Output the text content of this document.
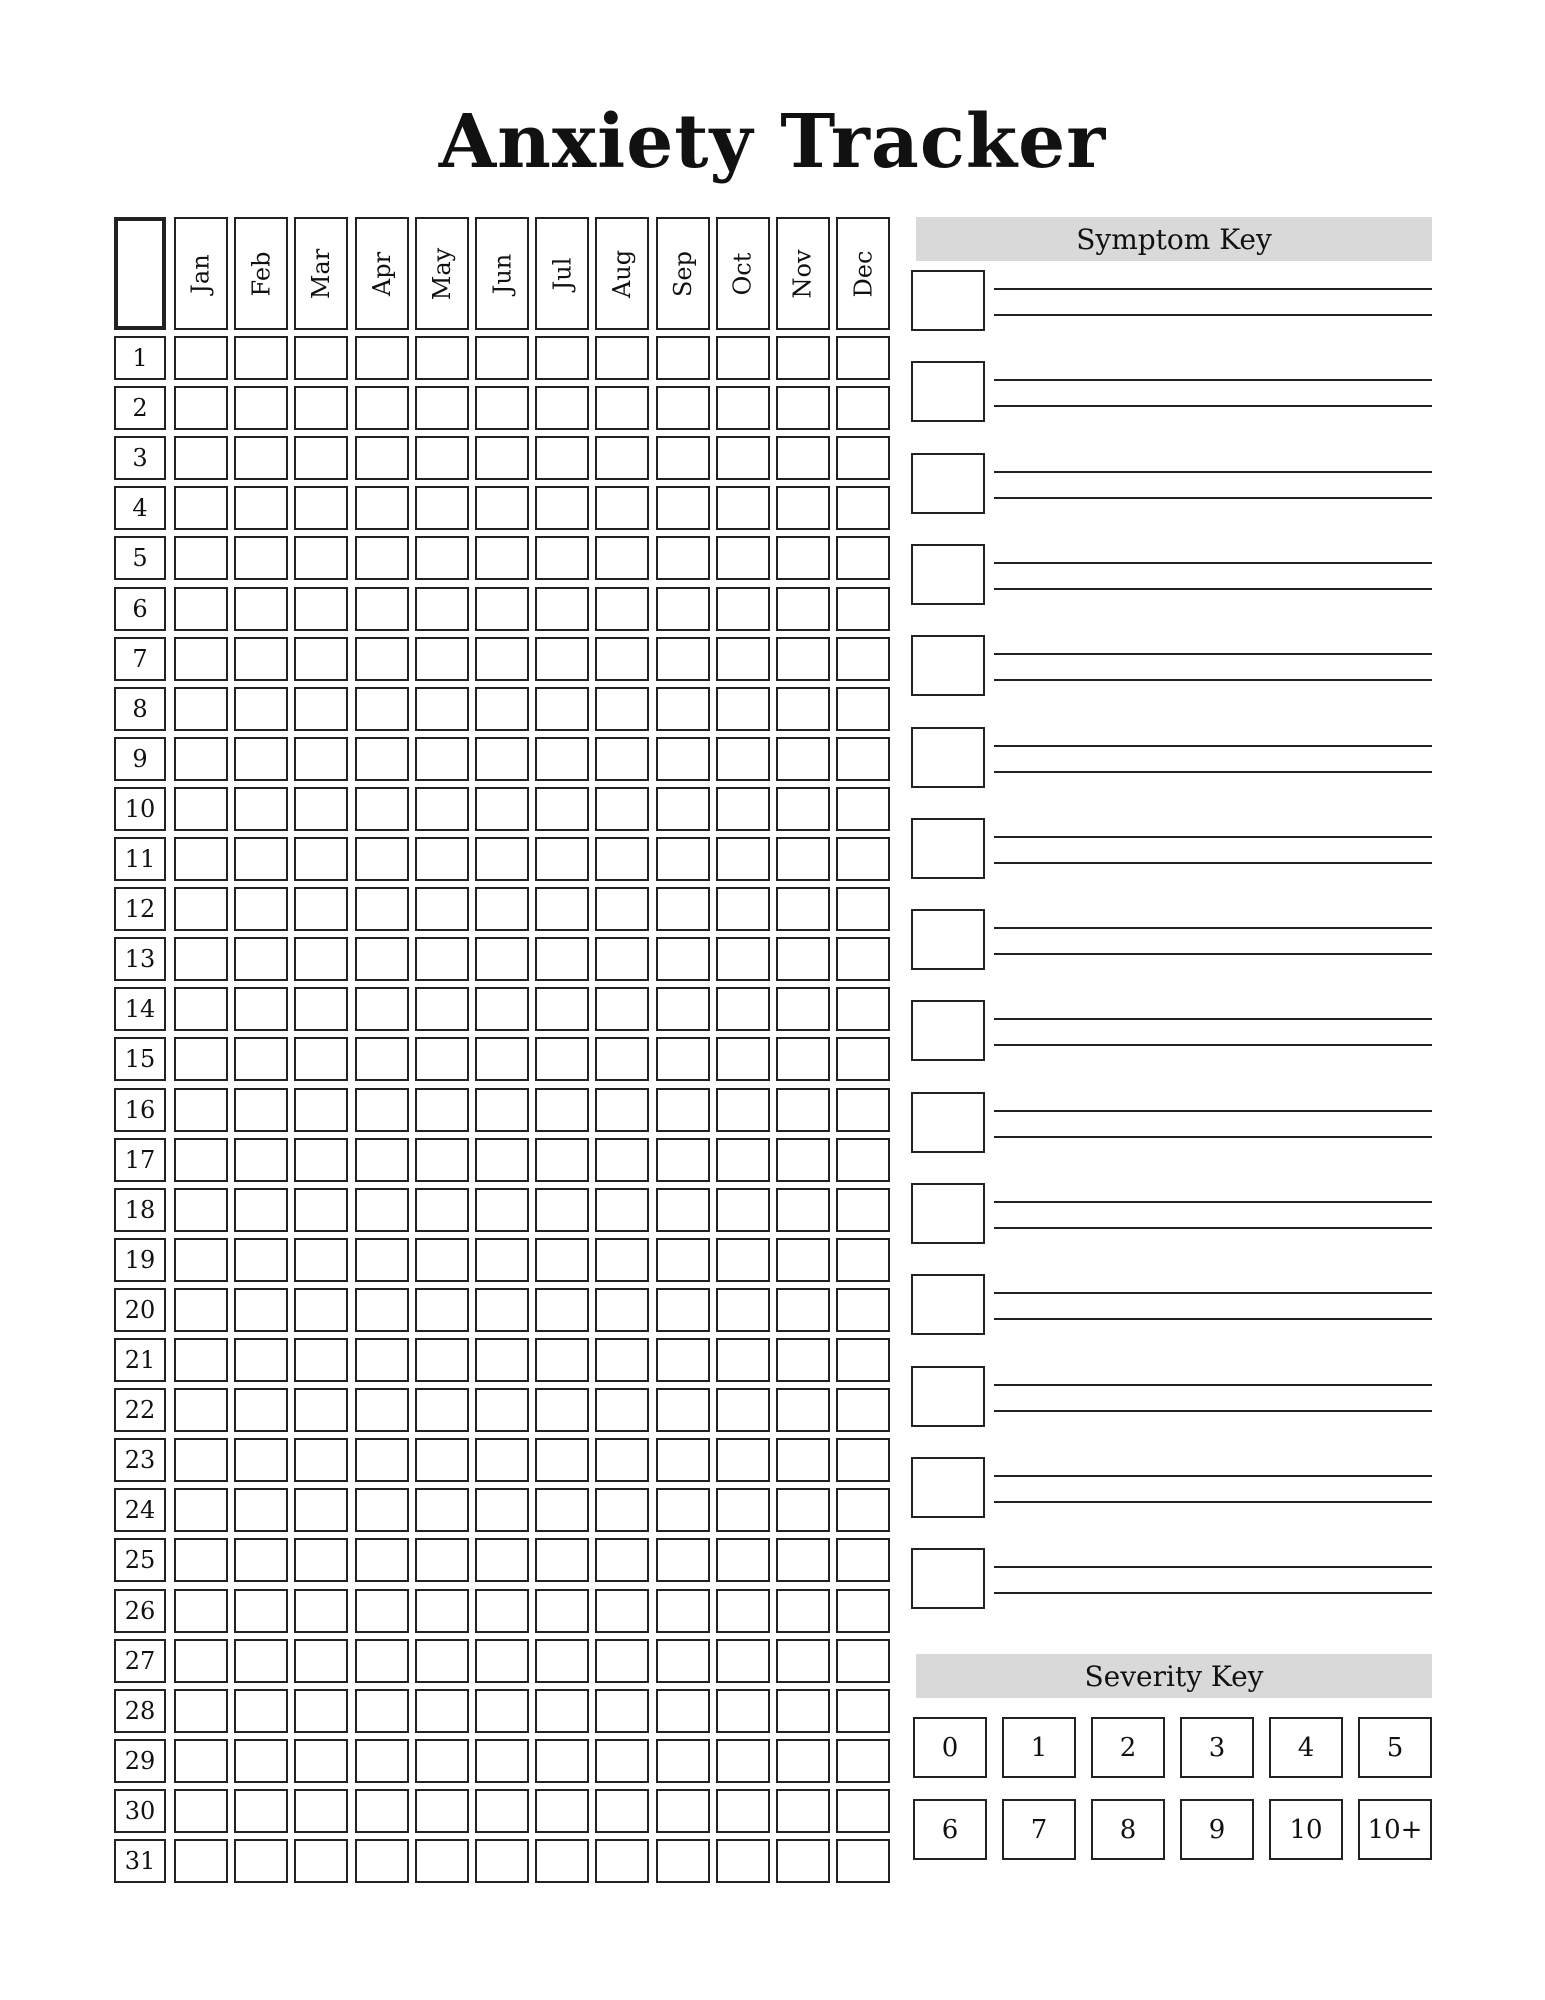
Anxiety Tracker
Jan Feb Mar Apr May Jun Jul Aug Sep Oct Nov Dec
1
2
3
4
5
6
7
8
9
10
11
12
13
14
15
16
17
18
19
20
21
22
23
24
25
26
27
28
29
30
31
Symptom Key
Severity Key
0	1	2	3	4	5
6	7	8	9	10	10+
